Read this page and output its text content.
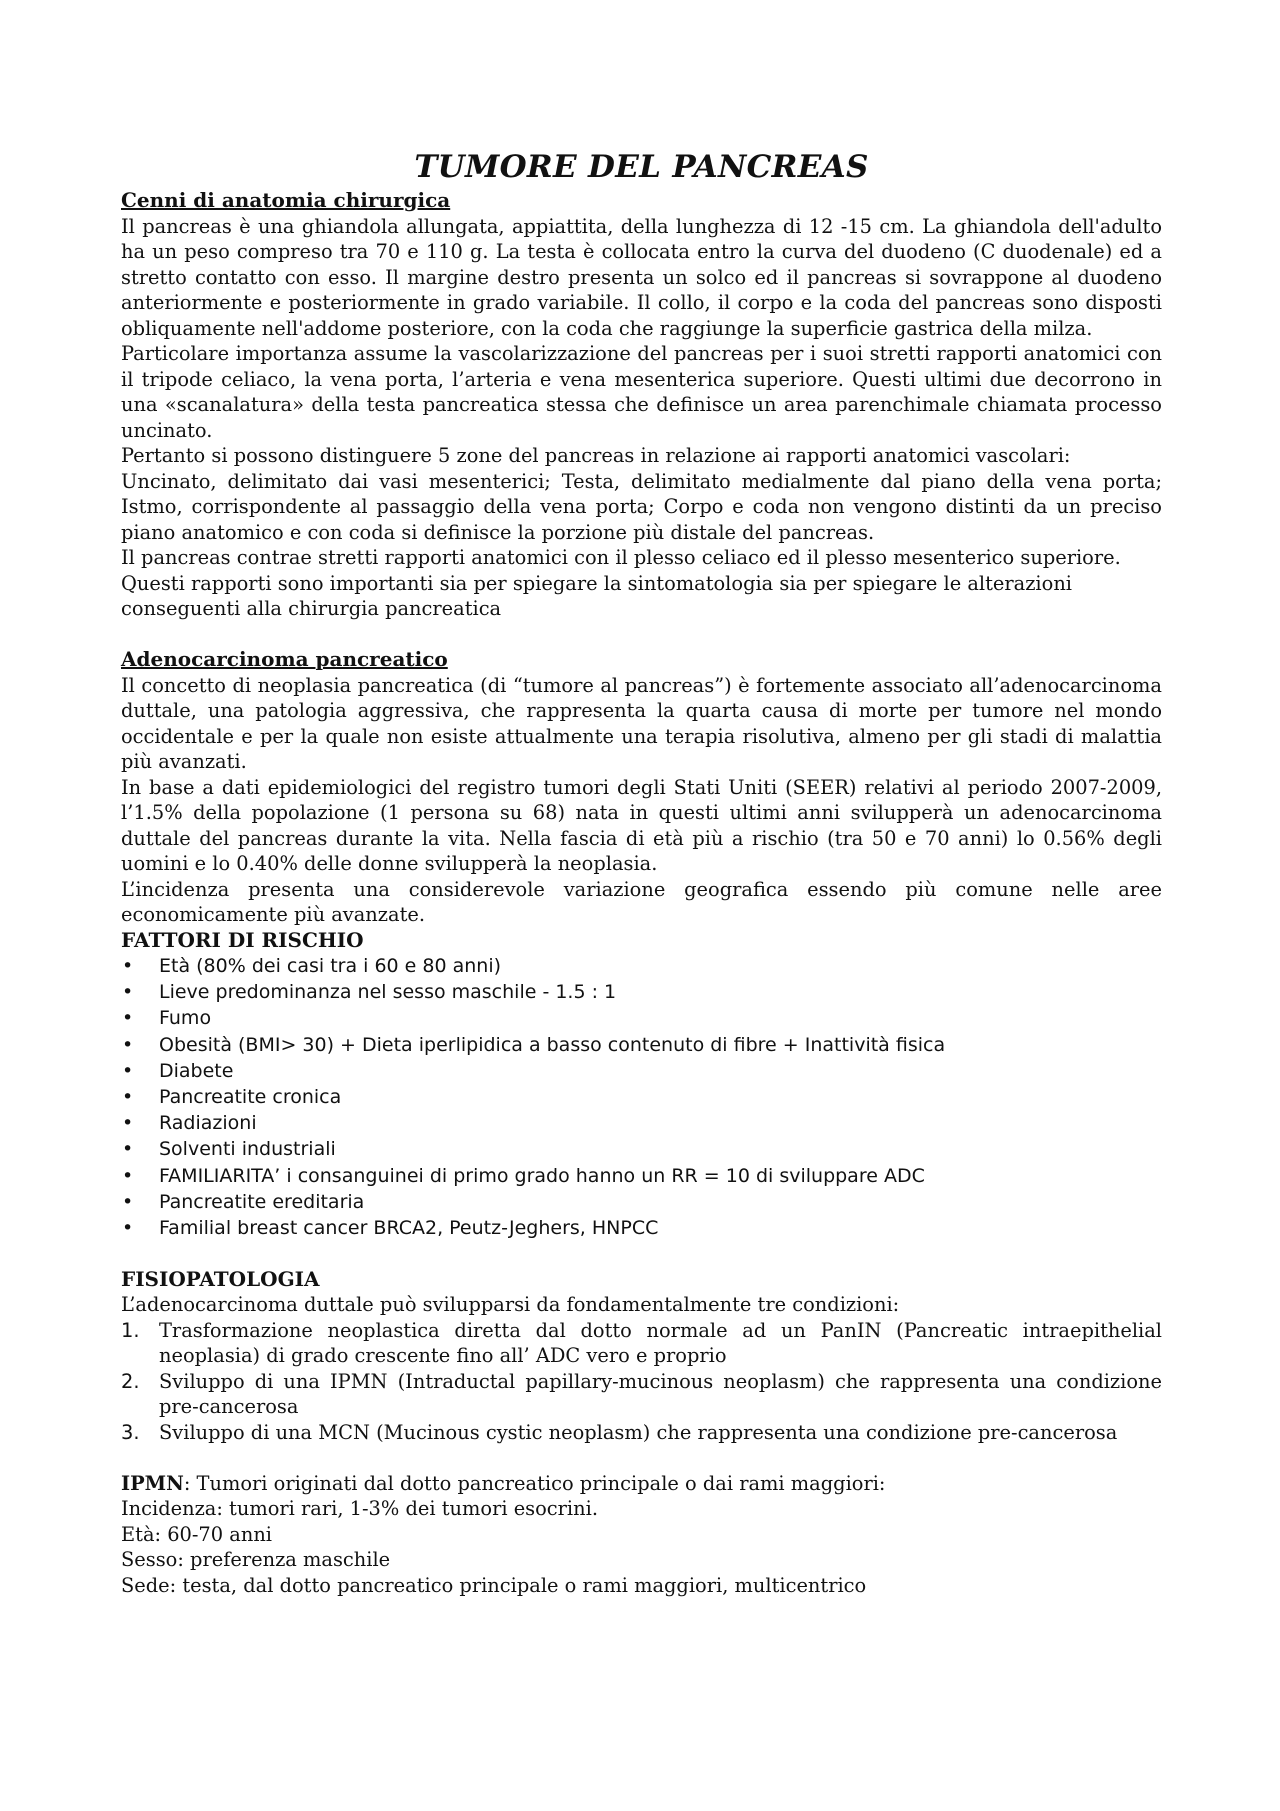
TUMORE DEL PANCREAS
Cenni di anatomia chirurgica

Il pancreas è una ghiandola allungata, appiattita, della lunghezza di 12 -15 cm. La ghiandola dell'adulto ha un peso compreso tra 70 e 110 g. La testa è collocata entro la curva del duodeno (C duodenale) ed a stretto contatto con esso. Il margine destro presenta un solco ed il pancreas si sovrappone al duodeno anteriormente e posteriormente in grado variabile. Il collo, il corpo e la coda del pancreas sono disposti obliquamente nell'addome posteriore, con la coda che raggiunge la superficie gastrica della milza.

Particolare importanza assume la vascolarizzazione del pancreas per i suoi stretti rapporti anatomici con il tripode celiaco, la vena porta, l’arteria e vena mesenterica superiore. Questi ultimi due decorrono in una «scanalatura» della testa pancreatica stessa che definisce un area parenchimale chiamata processo uncinato.

Pertanto si possono distinguere 5 zone del pancreas in relazione ai rapporti anatomici vascolari:

Uncinato, delimitato dai vasi mesenterici; Testa, delimitato medialmente dal piano della vena porta; Istmo, corrispondente al passaggio della vena porta; Corpo e coda non vengono distinti da un preciso piano anatomico e con coda si definisce la porzione più distale del pancreas.

Il pancreas contrae stretti rapporti anatomici con il plesso celiaco ed il plesso mesenterico superiore. Questi rapporti sono importanti sia per spiegare la sintomatologia sia per spiegare le alterazioni conseguenti alla chirurgia pancreatica

Adenocarcinoma pancreatico

Il concetto di neoplasia pancreatica (di “tumore al pancreas”) è fortemente associato all’adenocarcinoma duttale, una patologia aggressiva, che rappresenta la quarta causa di morte per tumore nel mondo occidentale e per la quale non esiste attualmente una terapia risolutiva, almeno per gli stadi di malattia più avanzati.

In base a dati epidemiologici del registro tumori degli Stati Uniti (SEER) relativi al periodo 2007-2009, l’1.5% della popolazione (1 persona su 68) nata in questi ultimi anni svilupperà un adenocarcinoma duttale del pancreas durante la vita. Nella fascia di età più a rischio (tra 50 e 70 anni) lo 0.56% degli uomini e lo 0.40% delle donne svilupperà la neoplasia.

L’incidenza presenta una considerevole variazione geografica essendo più comune nelle aree economicamente più avanzate.

FATTORI DI RISCHIO
• Età (80% dei casi tra i 60 e 80 anni)
• Lieve predominanza nel sesso maschile - 1.5 : 1
• Fumo
• Obesità (BMI> 30) + Dieta iperlipidica a basso contenuto di fibre + Inattività fisica
• Diabete
• Pancreatite cronica
• Radiazioni
• Solventi industriali
• FAMILIARITA’ i consanguinei di primo grado hanno un RR = 10 di sviluppare ADC
• Pancreatite ereditaria
• Familial breast cancer BRCA2, Peutz-Jeghers, HNPCC
FISIOPATOLOGIA

L’adenocarcinoma duttale può svilupparsi da fondamentalmente tre condizioni:

1. Trasformazione neoplastica diretta dal dotto normale ad un PanIN (Pancreatic intraepithelial neoplasia) di grado crescente fino all’ ADC vero e proprio
2. Sviluppo di una IPMN (Intraductal papillary-mucinous neoplasm) che rappresenta una condizione pre-cancerosa
3. Sviluppo di una MCN (Mucinous cystic neoplasm) che rappresenta una condizione pre-cancerosa

IPMN: Tumori originati dal dotto pancreatico principale o dai rami maggiori:

Incidenza: tumori rari, 1-3% dei tumori esocrini.

Età: 60-70 anni

Sesso: preferenza maschile

Sede: testa, dal dotto pancreatico principale o rami maggiori, multicentrico
